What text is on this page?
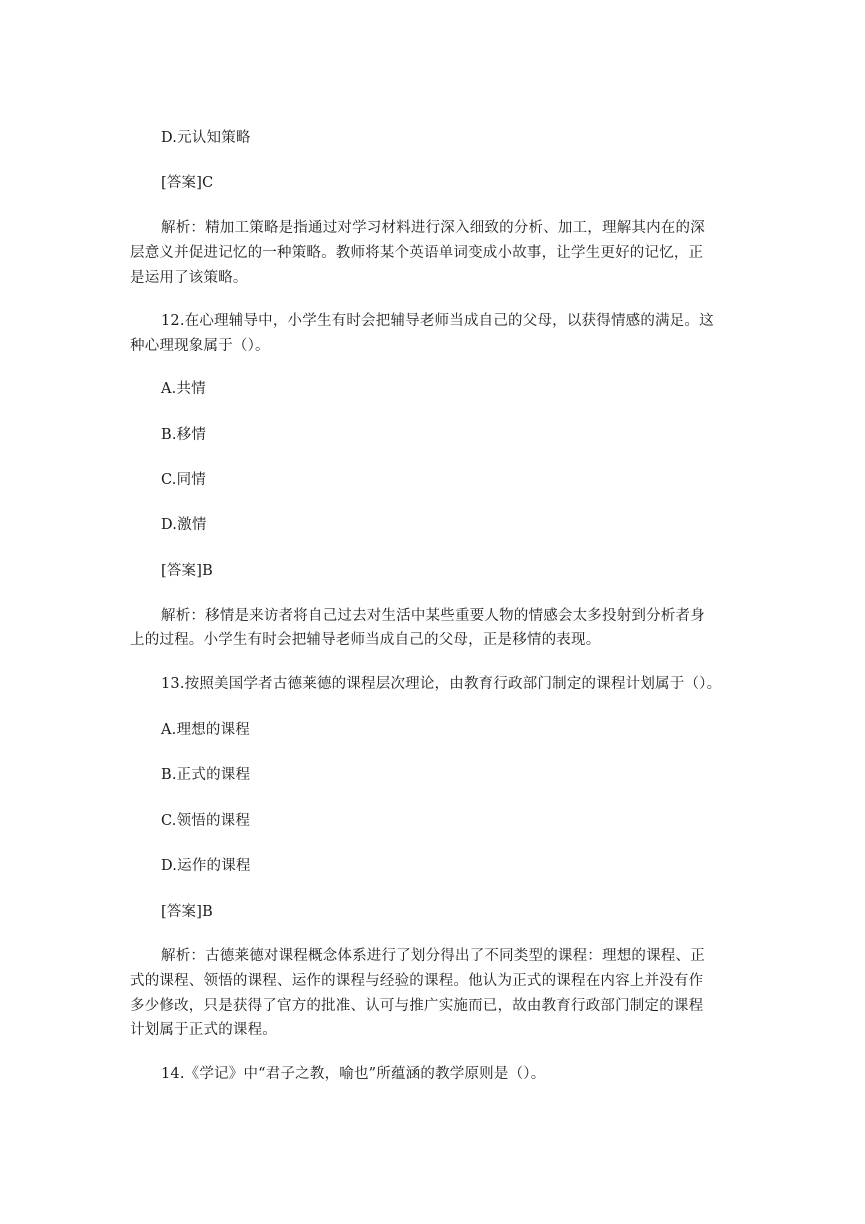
D.元认知策略
[答案]C
解析：精加工策略是指通过对学习材料进行深入细致的分析、加工，理解其内在的深
层意义并促进记忆的一种策略。教师将某个英语单词变成小故事，让学生更好的记忆，正
是运用了该策略。
12.在心理辅导中，小学生有时会把辅导老师当成自己的父母，以获得情感的满足。这
种心理现象属于（）。
A.共情
B.移情
C.同情
D.激情
[答案]B
解析：移情是来访者将自己过去对生活中某些重要人物的情感会太多投射到分析者身
上的过程。小学生有时会把辅导老师当成自己的父母，正是移情的表现。
13.按照美国学者古德莱德的课程层次理论，由教育行政部门制定的课程计划属于（）。
A.理想的课程
B.正式的课程
C.领悟的课程
D.运作的课程
[答案]B
解析：古德莱德对课程概念体系进行了划分得出了不同类型的课程：理想的课程、正
式的课程、领悟的课程、运作的课程与经验的课程。他认为正式的课程在内容上并没有作
多少修改，只是获得了官方的批准、认可与推广实施而已，故由教育行政部门制定的课程
计划属于正式的课程。
14.《学记》中“君子之教，喻也”所蕴涵的教学原则是（）。
